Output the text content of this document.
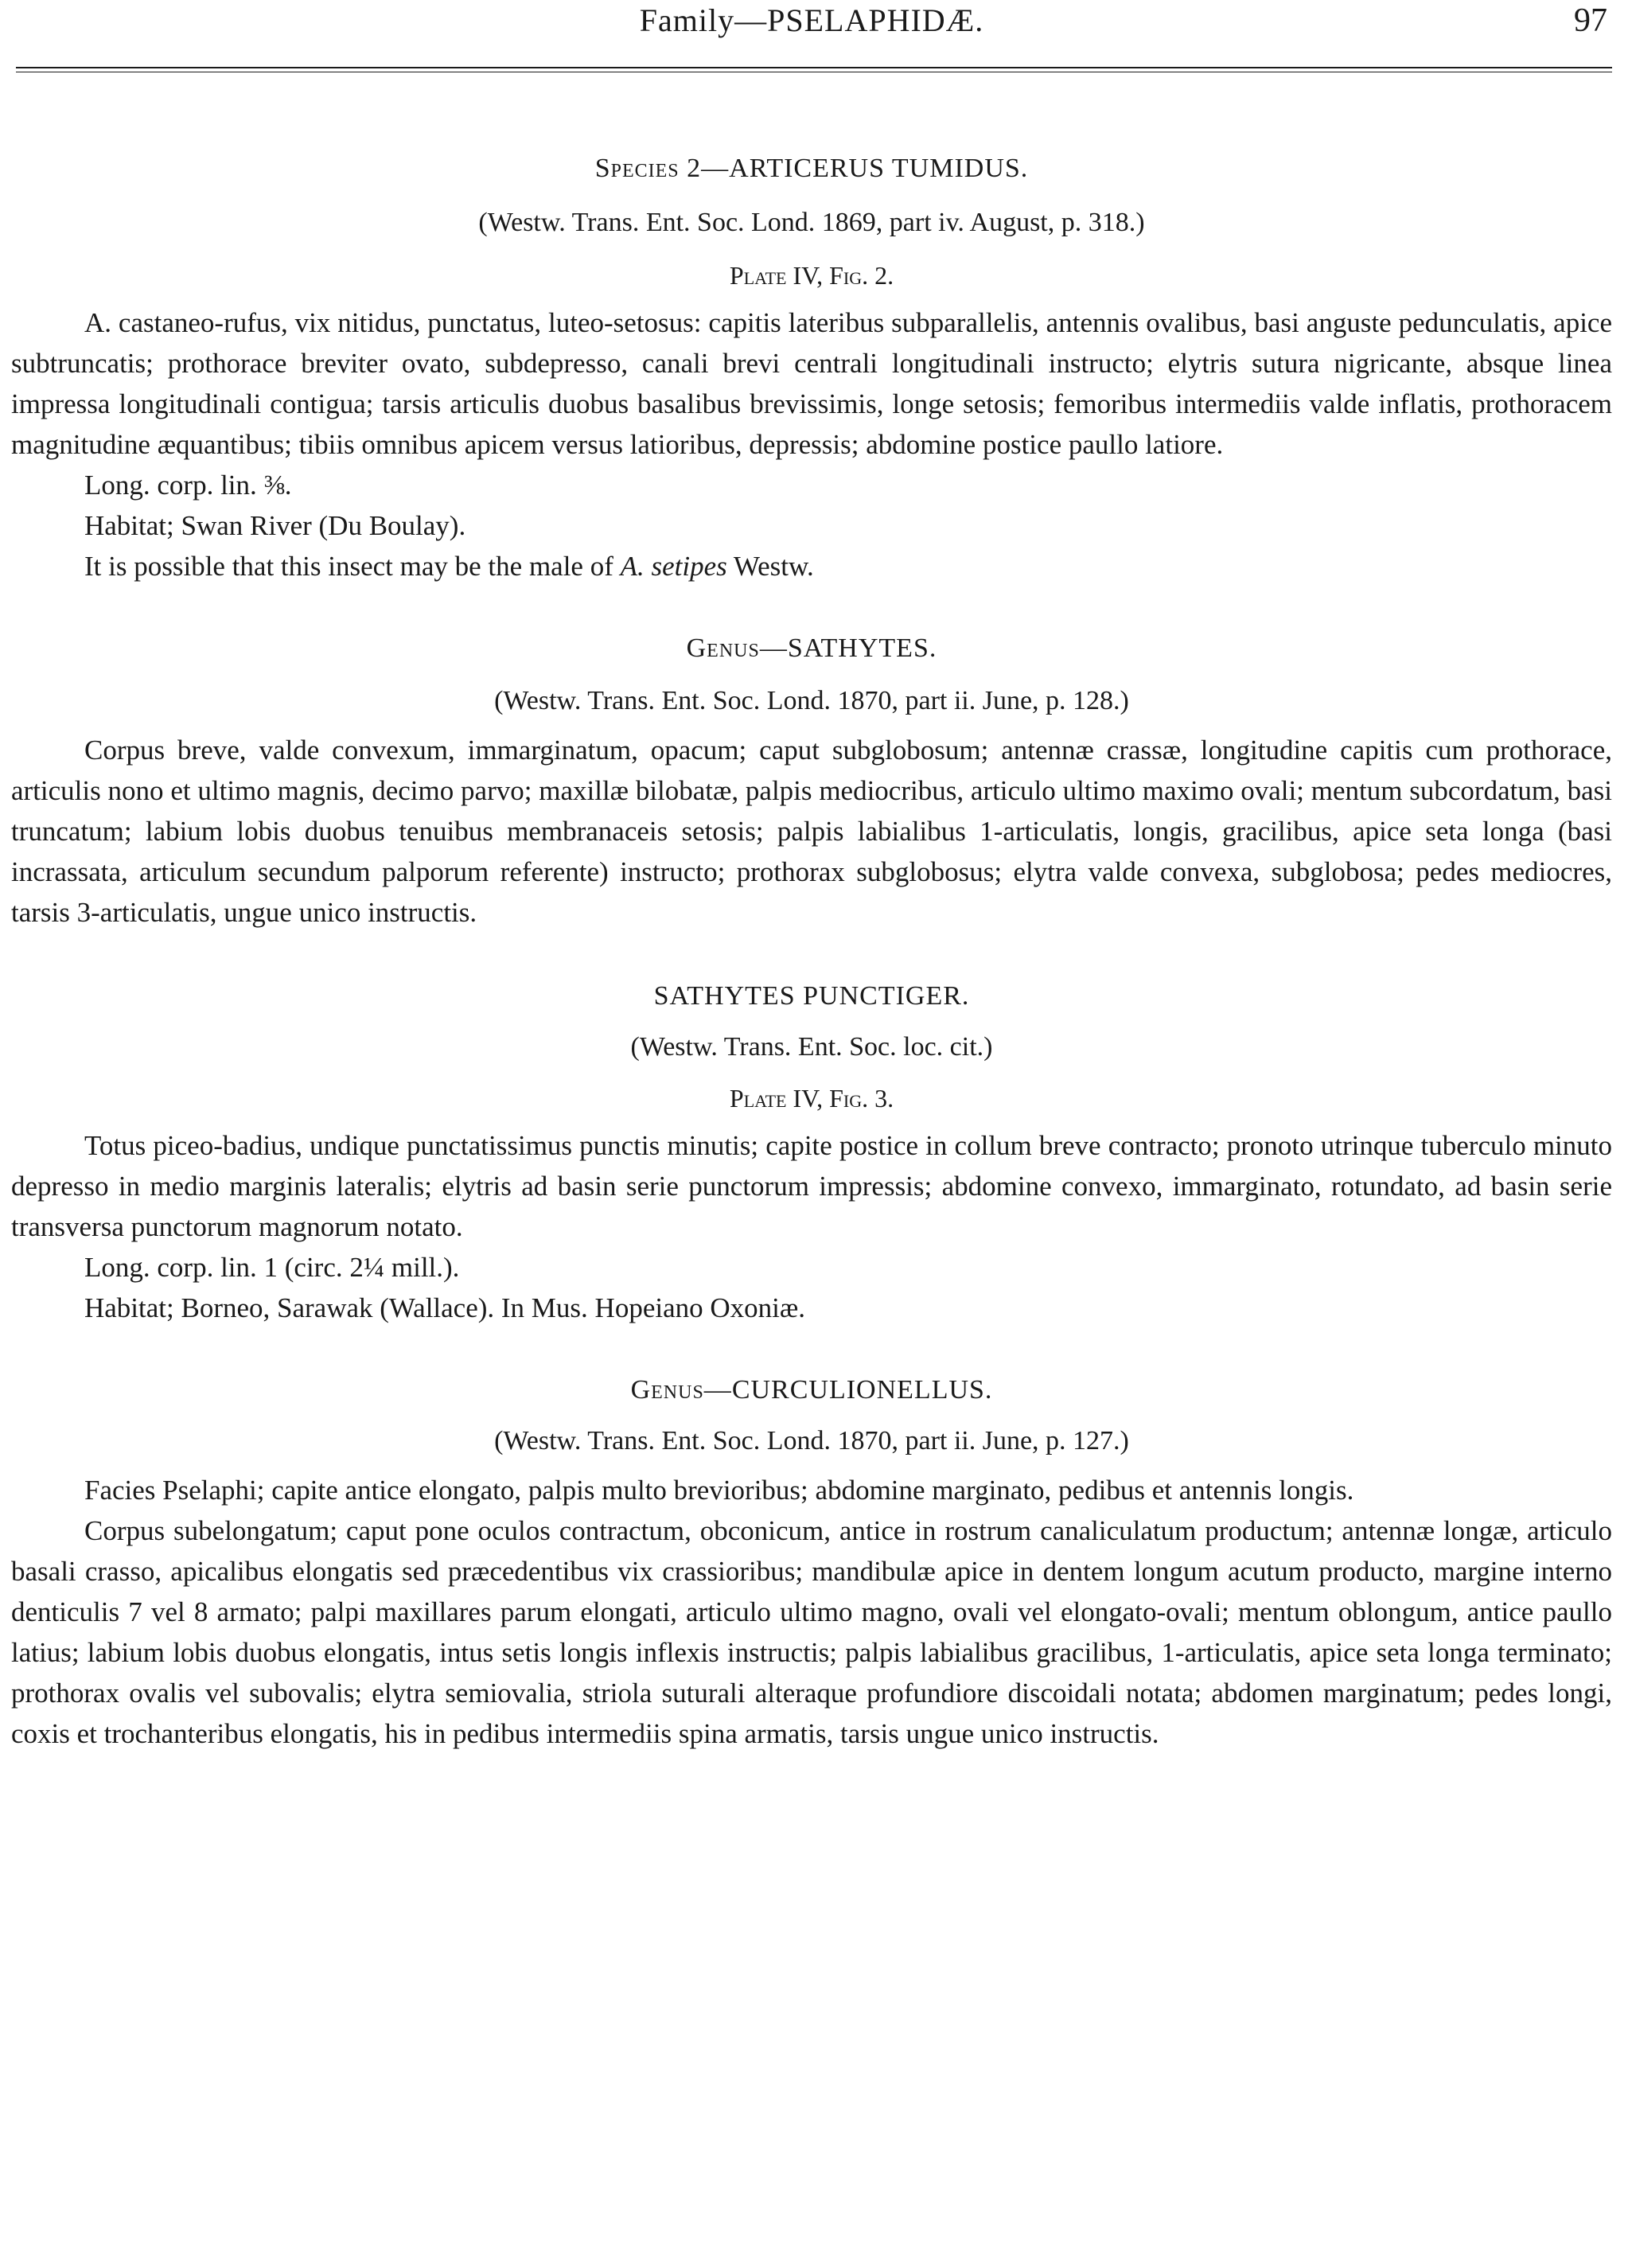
Family—PSELAPHIDÆ.	97

Species 2—ARTICERUS TUMIDUS.

(Westw. Trans. Ent. Soc. Lond. 1869, part iv. August, p. 318.)

Plate IV, Fig. 2.

A. castaneo-rufus, vix nitidus, punctatus, luteo-setosus: capitis lateribus subparallelis, antennis ovalibus, basi anguste pedunculatis, apice subtruncatis; prothorace breviter ovato, subdepresso, canali brevi centrali longitudinali instructo; elytris sutura nigricante, absque linea impressa longitudinali contigua; tarsis articulis duobus basalibus brevissimis, longe setosis; femoribus intermediis valde inflatis, prothoracem magnitudine æquantibus; tibiis omnibus apicem versus latioribus, depressis; abdomine postice paullo latiore.

Long. corp. lin. ⅜.

Habitat; Swan River (Du Boulay).

It is possible that this insect may be the male of A. setipes Westw.

Genus—SATHYTES.

(Westw. Trans. Ent. Soc. Lond. 1870, part ii. June, p. 128.)

Corpus breve, valde convexum, immarginatum, opacum; caput subglobosum; antennæ crassæ, longitudine capitis cum prothorace, articulis nono et ultimo magnis, decimo parvo; maxillæ bilobatæ, palpis mediocribus, articulo ultimo maximo ovali; mentum subcordatum, basi truncatum; labium lobis duobus tenuibus membranaceis setosis; palpis labialibus 1-articulatis, longis, gracilibus, apice seta longa (basi incrassata, articulum secundum palporum referente) instructo; prothorax subglobosus; elytra valde convexa, subglobosa; pedes mediocres, tarsis 3-articulatis, ungue unico instructis.

SATHYTES PUNCTIGER.

(Westw. Trans. Ent. Soc. loc. cit.)

Plate IV, Fig. 3.

Totus piceo-badius, undique punctatissimus punctis minutis; capite postice in collum breve contracto; pronoto utrinque tuberculo minuto depresso in medio marginis lateralis; elytris ad basin serie punctorum impressis; abdomine convexo, immarginato, rotundato, ad basin serie transversa punctorum magnorum notato.

Long. corp. lin. 1 (circ. 2¼ mill.).

Habitat; Borneo, Sarawak (Wallace). In Mus. Hopeiano Oxoniæ.

Genus—CURCULIONELLUS.

(Westw. Trans. Ent. Soc. Lond. 1870, part ii. June, p. 127.)

Facies Pselaphi; capite antice elongato, palpis multo brevioribus; abdomine marginato, pedibus et antennis longis.

Corpus subelongatum; caput pone oculos contractum, obconicum, antice in rostrum canaliculatum productum; antennæ longæ, articulo basali crasso, apicalibus elongatis sed præcedentibus vix crassioribus; mandibulæ apice in dentem longum acutum producto, margine interno denticulis 7 vel 8 armato; palpi maxillares parum elongati, articulo ultimo magno, ovali vel elongato-ovali; mentum oblongum, antice paullo latius; labium lobis duobus elongatis, intus setis longis inflexis instructis; palpis labialibus gracilibus, 1-articulatis, apice seta longa terminato; prothorax ovalis vel subovalis; elytra semiovalia, striola suturali alteraque profundiore discoidali notata; abdomen marginatum; pedes longi, coxis et trochanteribus elongatis, his in pedibus intermediis spina armatis, tarsis ungue unico instructis.
